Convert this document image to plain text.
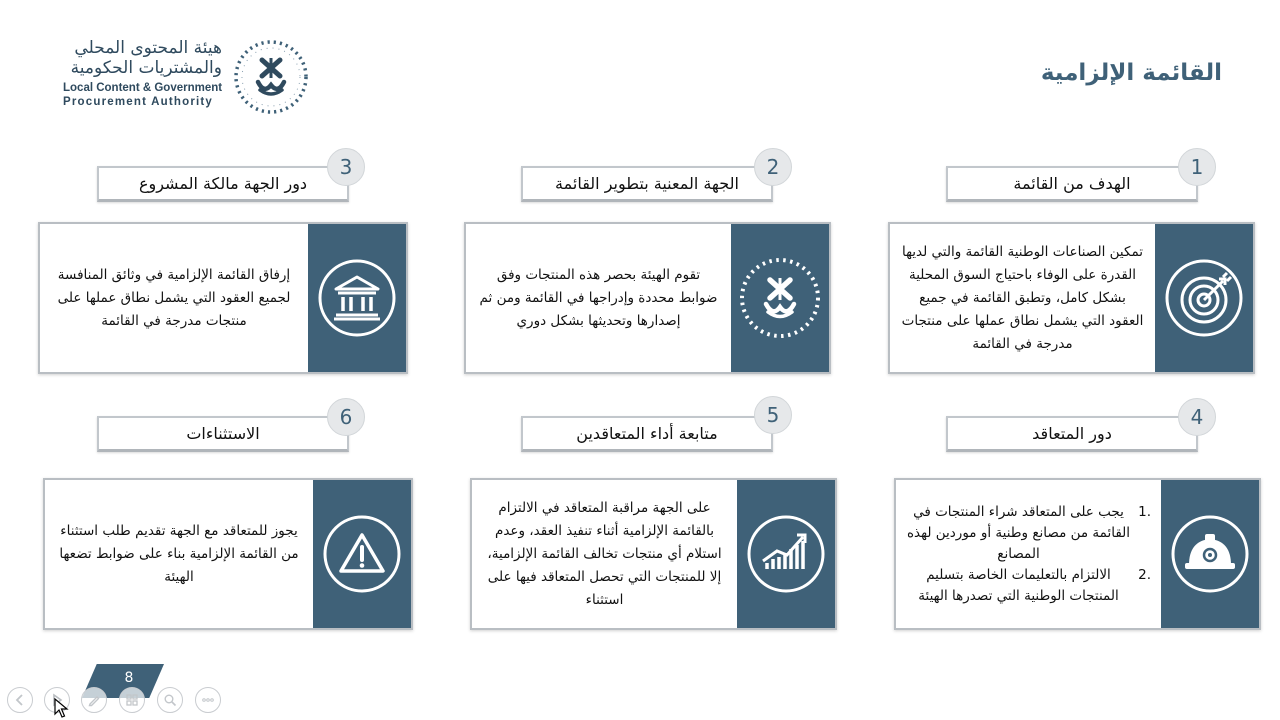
القائمة الإلزامية
هيئة المحتوى المحلي
والمشتريات الحكومية
Local Content & Government
Procurement Authority
الهدف من القائمة
1
تمكين الصناعات الوطنية القائمة والتي لديها القدرة على الوفاء باحتياج السوق المحلية بشكل كامل، وتطبق القائمة في جميع العقود التي يشمل نطاق عملها على منتجات مدرجة في القائمة
الجهة المعنية بتطوير القائمة
2
تقوم الهيئة بحصر هذه المنتجات وفق ضوابط محددة وإدراجها في القائمة ومن ثم إصدارها وتحديثها بشكل دوري
دور الجهة مالكة المشروع
3
إرفاق القائمة الإلزامية في وثائق المنافسة لجميع العقود التي يشمل نطاق عملها على منتجات مدرجة في القائمة
دور المتعاقد
4
.1
يجب على المتعاقد شراء المنتجات في القائمة من مصانع وطنية أو موردين لهذه المصانع
.2
الالتزام بالتعليمات الخاصة بتسليم المنتجات الوطنية التي تصدرها الهيئة
متابعة أداء المتعاقدين
5
على الجهة مراقبة المتعاقد في الالتزام بالقائمة الإلزامية أثناء تنفيذ العقد، وعدم استلام أي منتجات تخالف القائمة الإلزامية، إلا للمنتجات التي تحصل المتعاقد فيها على استثناء
الاستثناءات
6
يجوز للمتعاقد مع الجهة تقديم طلب استثناء من القائمة الإلزامية بناء على ضوابط تضعها الهيئة
8
